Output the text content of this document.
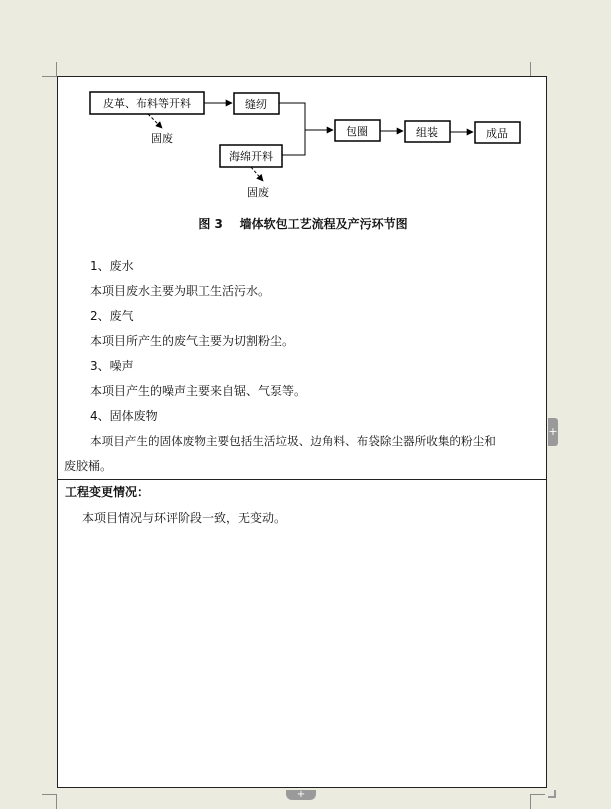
皮革、布料等开料	缝纫
固废
海绵开料
固废
包圈	组装	成品
图 3    墙体软包工艺流程及产污环节图
1、废水
本项目废水主要为职工生活污水。
2、废气
本项目所产生的废气主要为切割粉尘。
3、噪声
本项目产生的噪声主要来自锯、气泵等。
4、固体废物
本项目产生的固体废物主要包括生活垃圾、边角料、布袋除尘器所收集的粉尘和
废胶桶。
工程变更情况：
本项目情况与环评阶段一致，无变动。
+
+
